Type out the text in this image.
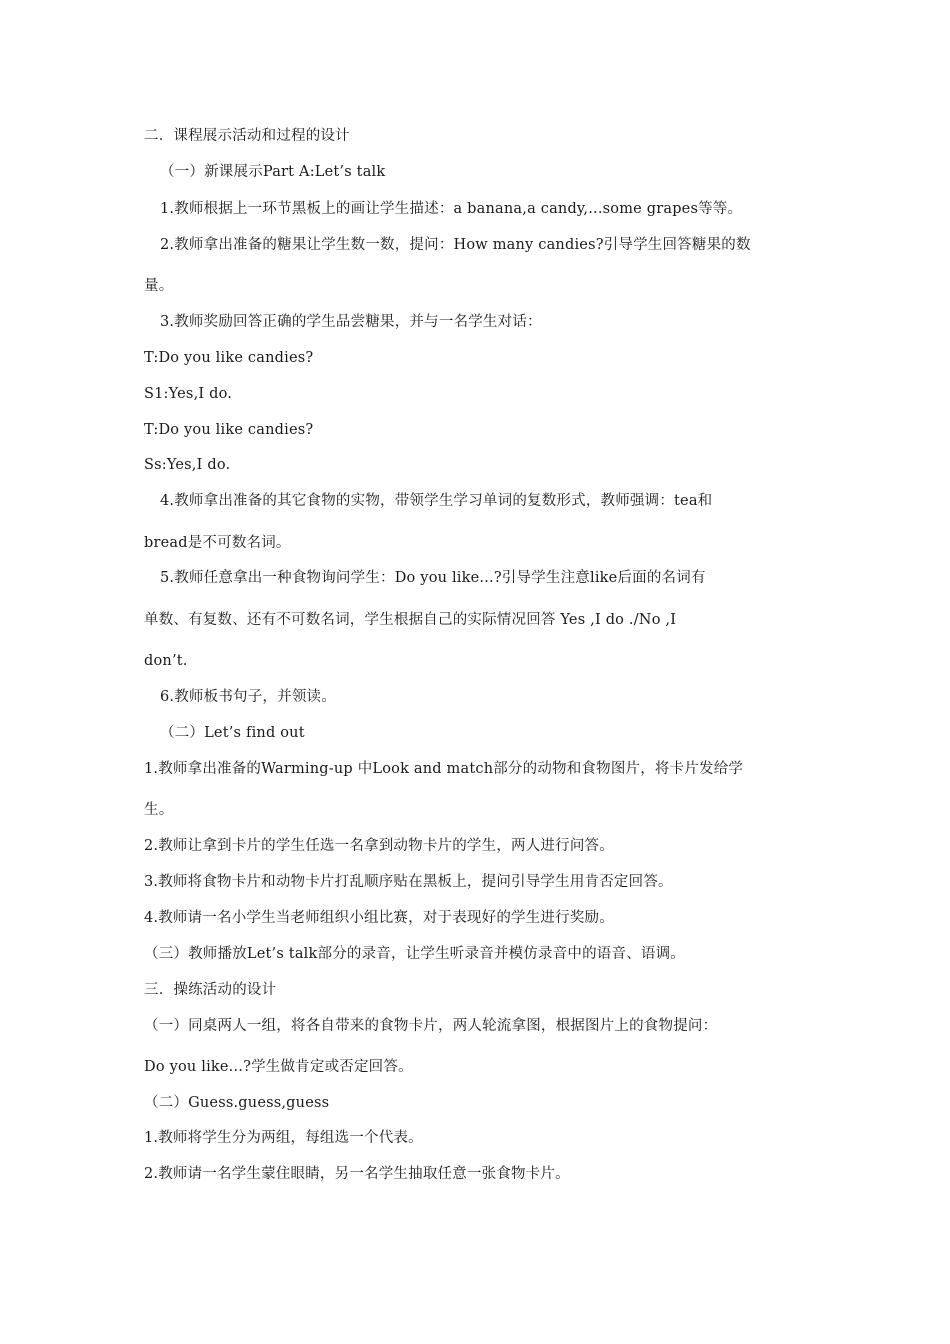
二．课程展示活动和过程的设计
（一）新课展示Part A:Let’s talk
1.教师根据上一环节黑板上的画让学生描述：a banana,a candy,...some grapes等等。
2.教师拿出准备的糖果让学生数一数，提问：How many candies?引导学生回答糖果的数
量。
3.教师奖励回答正确的学生品尝糖果，并与一名学生对话：
T:Do you like candies?
S1:Yes,I do.
T:Do you like candies?
Ss:Yes,I do.
4.教师拿出准备的其它食物的实物，带领学生学习单词的复数形式，教师强调：tea和
bread是不可数名词。
5.教师任意拿出一种食物询问学生：Do you like...?引导学生注意like后面的名词有
单数、有复数、还有不可数名词，学生根据自己的实际情况回答 Yes ,I do ./No ,I
don’t.
6.教师板书句子，并领读。
（二）Let’s find out
1.教师拿出准备的Warming-up 中Look and match部分的动物和食物图片，将卡片发给学
生。
2.教师让拿到卡片的学生任选一名拿到动物卡片的学生，两人进行问答。
3.教师将食物卡片和动物卡片打乱顺序贴在黑板上，提问引导学生用肯否定回答。
4.教师请一名小学生当老师组织小组比赛，对于表现好的学生进行奖励。
（三）教师播放Let’s talk部分的录音，让学生听录音并模仿录音中的语音、语调。
三．操练活动的设计
（一）同桌两人一组，将各自带来的食物卡片，两人轮流拿图，根据图片上的食物提问：
Do you like...?学生做肯定或否定回答。
（二）Guess.guess,guess
1.教师将学生分为两组，每组选一个代表。
2.教师请一名学生蒙住眼睛，另一名学生抽取任意一张食物卡片。
